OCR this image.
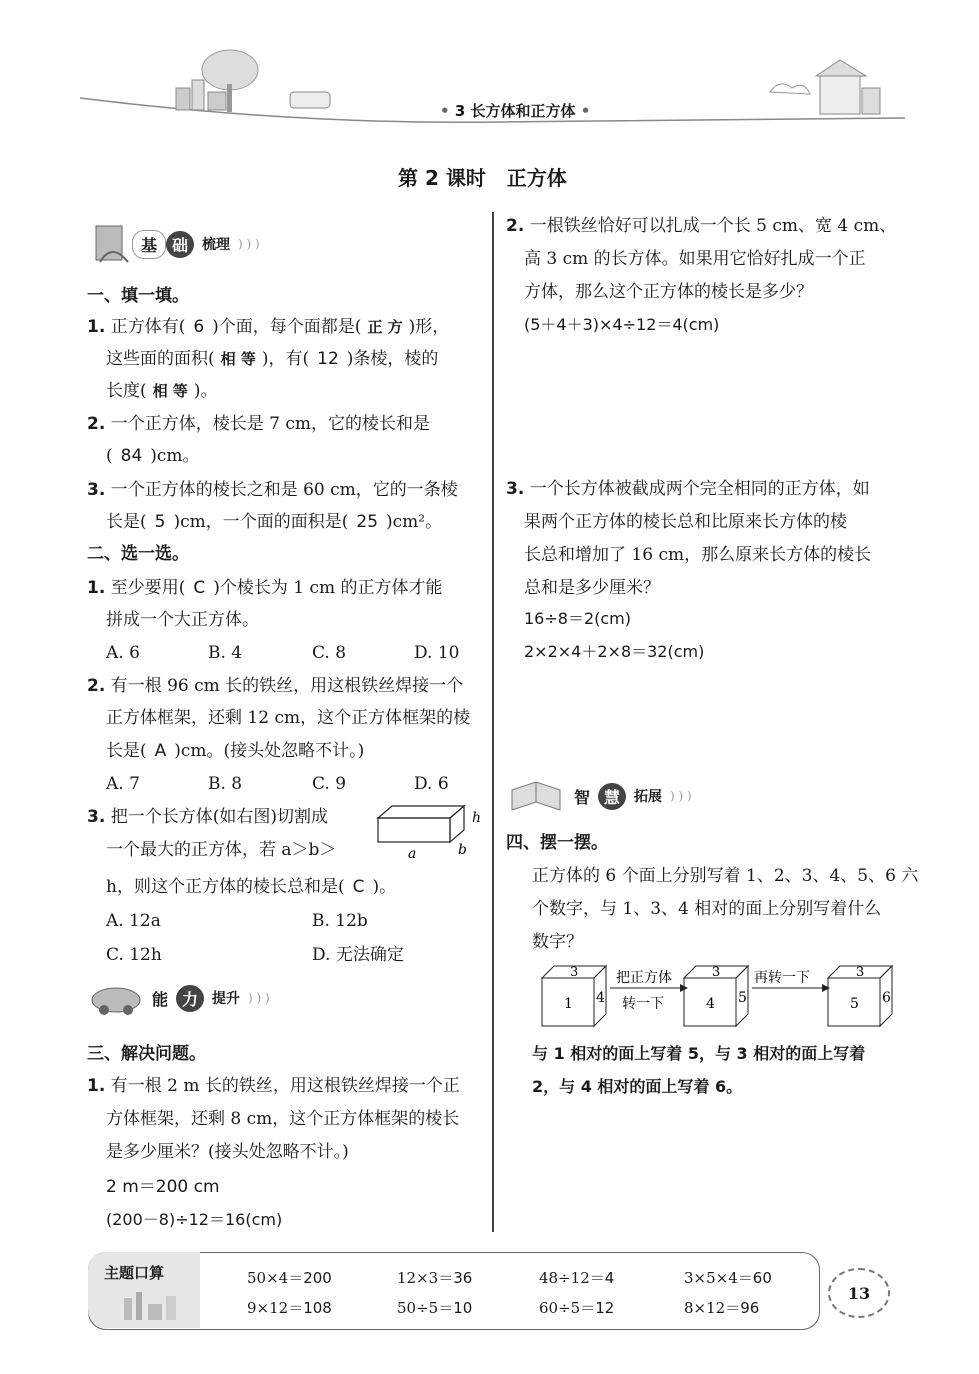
• 3 长方体和正方体 •
第 2 课时   正方体
基 础	梳理 ) ) )
一、填一填。
1. 正方体有( 6 )个面，每个面都是( 正 方 )形，
这些面的面积( 相 等 )，有( 12 )条棱，棱的
长度( 相 等 )。
2. 一个正方体，棱长是 7 cm，它的棱长和是
( 84 )cm。
3. 一个正方体的棱长之和是 60 cm，它的一条棱
长是( 5 )cm，一个面的面积是( 25 )cm²。
二、选一选。
1. 至少要用( C )个棱长为 1 cm 的正方体才能
拼成一个大正方体。
A. 6	B. 4	C. 8	D. 10
2. 有一根 96 cm 长的铁丝，用这根铁丝焊接一个
正方体框架，还剩 12 cm，这个正方体框架的棱
长是( A )cm。(接头处忽略不计。)
A. 7	B. 8	C. 9	D. 6
3. 把一个长方体(如右图)切割成
一个最大的正方体，若 a＞b＞
h
a	b
h，则这个正方体的棱长总和是( C )。
A. 12a	B. 12b
C. 12h	D. 无法确定
能 力	提升 ) ) )
三、解决问题。
1. 有一根 2 m 长的铁丝，用这根铁丝焊接一个正
方体框架，还剩 8 cm，这个正方体框架的棱长
是多少厘米？(接头处忽略不计。)
2 m＝200 cm
(200－8)÷12＝16(cm)
2. 一根铁丝恰好可以扎成一个长 5 cm、宽 4 cm、
高 3 cm 的长方体。如果用它恰好扎成一个正
方体，那么这个正方体的棱长是多少？
(5＋4＋3)×4÷12＝4(cm)
3. 一个长方体被截成两个完全相同的正方体，如
果两个正方体的棱长总和比原来长方体的棱
长总和增加了 16 cm，那么原来长方体的棱长
总和是多少厘米？
16÷8＝2(cm)
2×2×4＋2×8＝32(cm)
智 慧	拓展 ) ) )
四、摆一摆。
正方体的 6 个面上分别写着 1、2、3、4、5、6 六
个数字，与 1、3、4 相对的面上分别写着什么
数字？
3
1 4
把正方体
转一下
3
4 5
再转一下	3
5 6
与 1 相对的面上写着 5，与 3 相对的面上写着
2，与 4 相对的面上写着 6。
主题口算	50×4＝200	12×3＝36	48÷12＝4	3×5×4＝60
9×12＝108	50÷5＝10	60÷5＝12	8×12＝96
13
